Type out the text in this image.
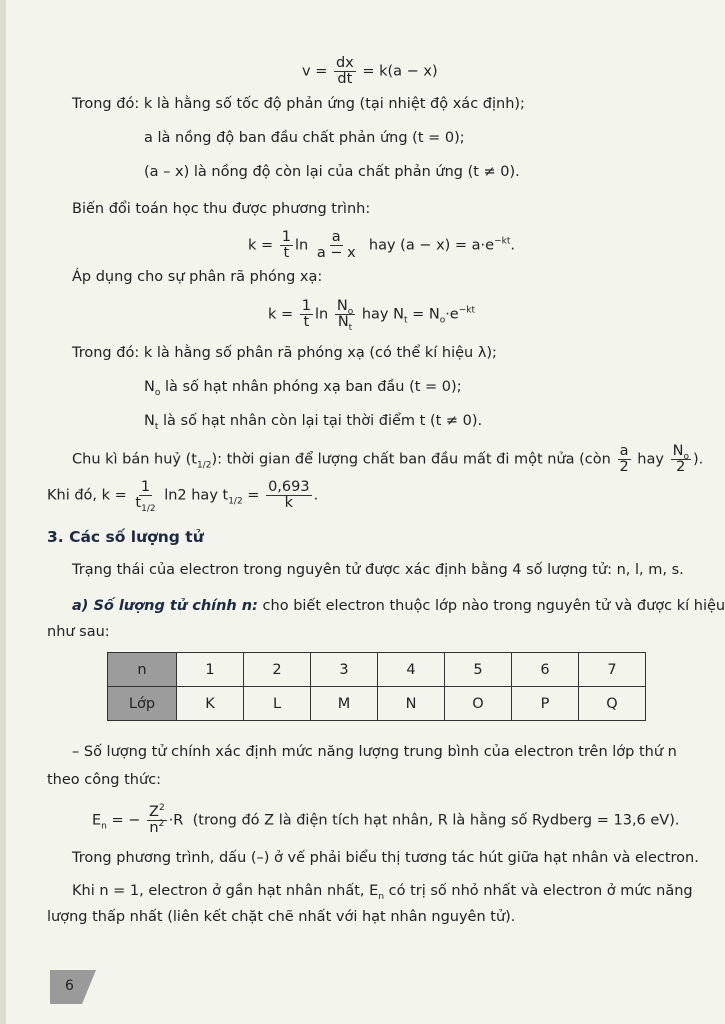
$v = \frac{dx}{dt} = k(a - x)$
Trong đó: k là hằng số tốc độ phản ứng (tại nhiệt độ xác định);
a là nồng độ ban đầu chất phản ứng (t = 0);
(a – x) là nồng độ còn lại của chất phản ứng (t ≠ 0).
Biến đổi toán học thu được phương trình:
$k = \frac{1}{t}$ $\ln \frac{a}{a - x}$ hay $(a - x) = a\cdot e^{-kt}$.
Áp dụng cho sự phân rã phóng xạ:
$k = \frac{1}{t}$ $\ln \frac{N_o}{N_t}$ hay $N_t = N_o\cdot e^{-kt}$
Trong đó: k là hằng số phân rã phóng xạ (có thể kí hiệu λ);
$N_o$ là số hạt nhân phóng xạ ban đầu (t = 0);
$N_t$ là số hạt nhân còn lại tại thời điểm t (t ≠ 0).
Chu kì bán huỷ $(t_{1/2})$: thời gian để lượng chất ban đầu mất đi một nửa (còn $\frac{a}{2}$ hay $\frac{N_o}{2}$ ).
Khi đó, $k = \frac{1}{t_{1/2}} \ln 2$ hay $t_{1/2} = \frac{0,693}{k}$ .
3. Các số lượng tử
Trạng thái của electron trong nguyên tử được xác định bằng 4 số lượng tử: n, l, m, s.
a) Số lượng tử chính n: cho biết electron thuộc lớp nào trong nguyên tử và được kí hiệu
như sau:
n	1	2	3	4	5	6	7
Lớp	K	L	M	N	O	P	Q
– Số lượng tử chính xác định mức năng lượng trung bình của electron trên lớp thứ n
theo công thức:
$E_n$ = − $\frac{Z^2}{n^2} \cdot R$ (trong đó Z là điện tích hạt nhân, R là hằng số Rydberg = 13,6 eV).
Trong phương trình, dấu (–) ở vế phải biểu thị tương tác hút giữa hạt nhân và electron.
Khi n = 1, electron ở gần hạt nhân nhất, $E_n$ có trị số nhỏ nhất và electron ở mức năng
lượng thấp nhất (liên kết chặt chẽ nhất với hạt nhân nguyên tử).
6
